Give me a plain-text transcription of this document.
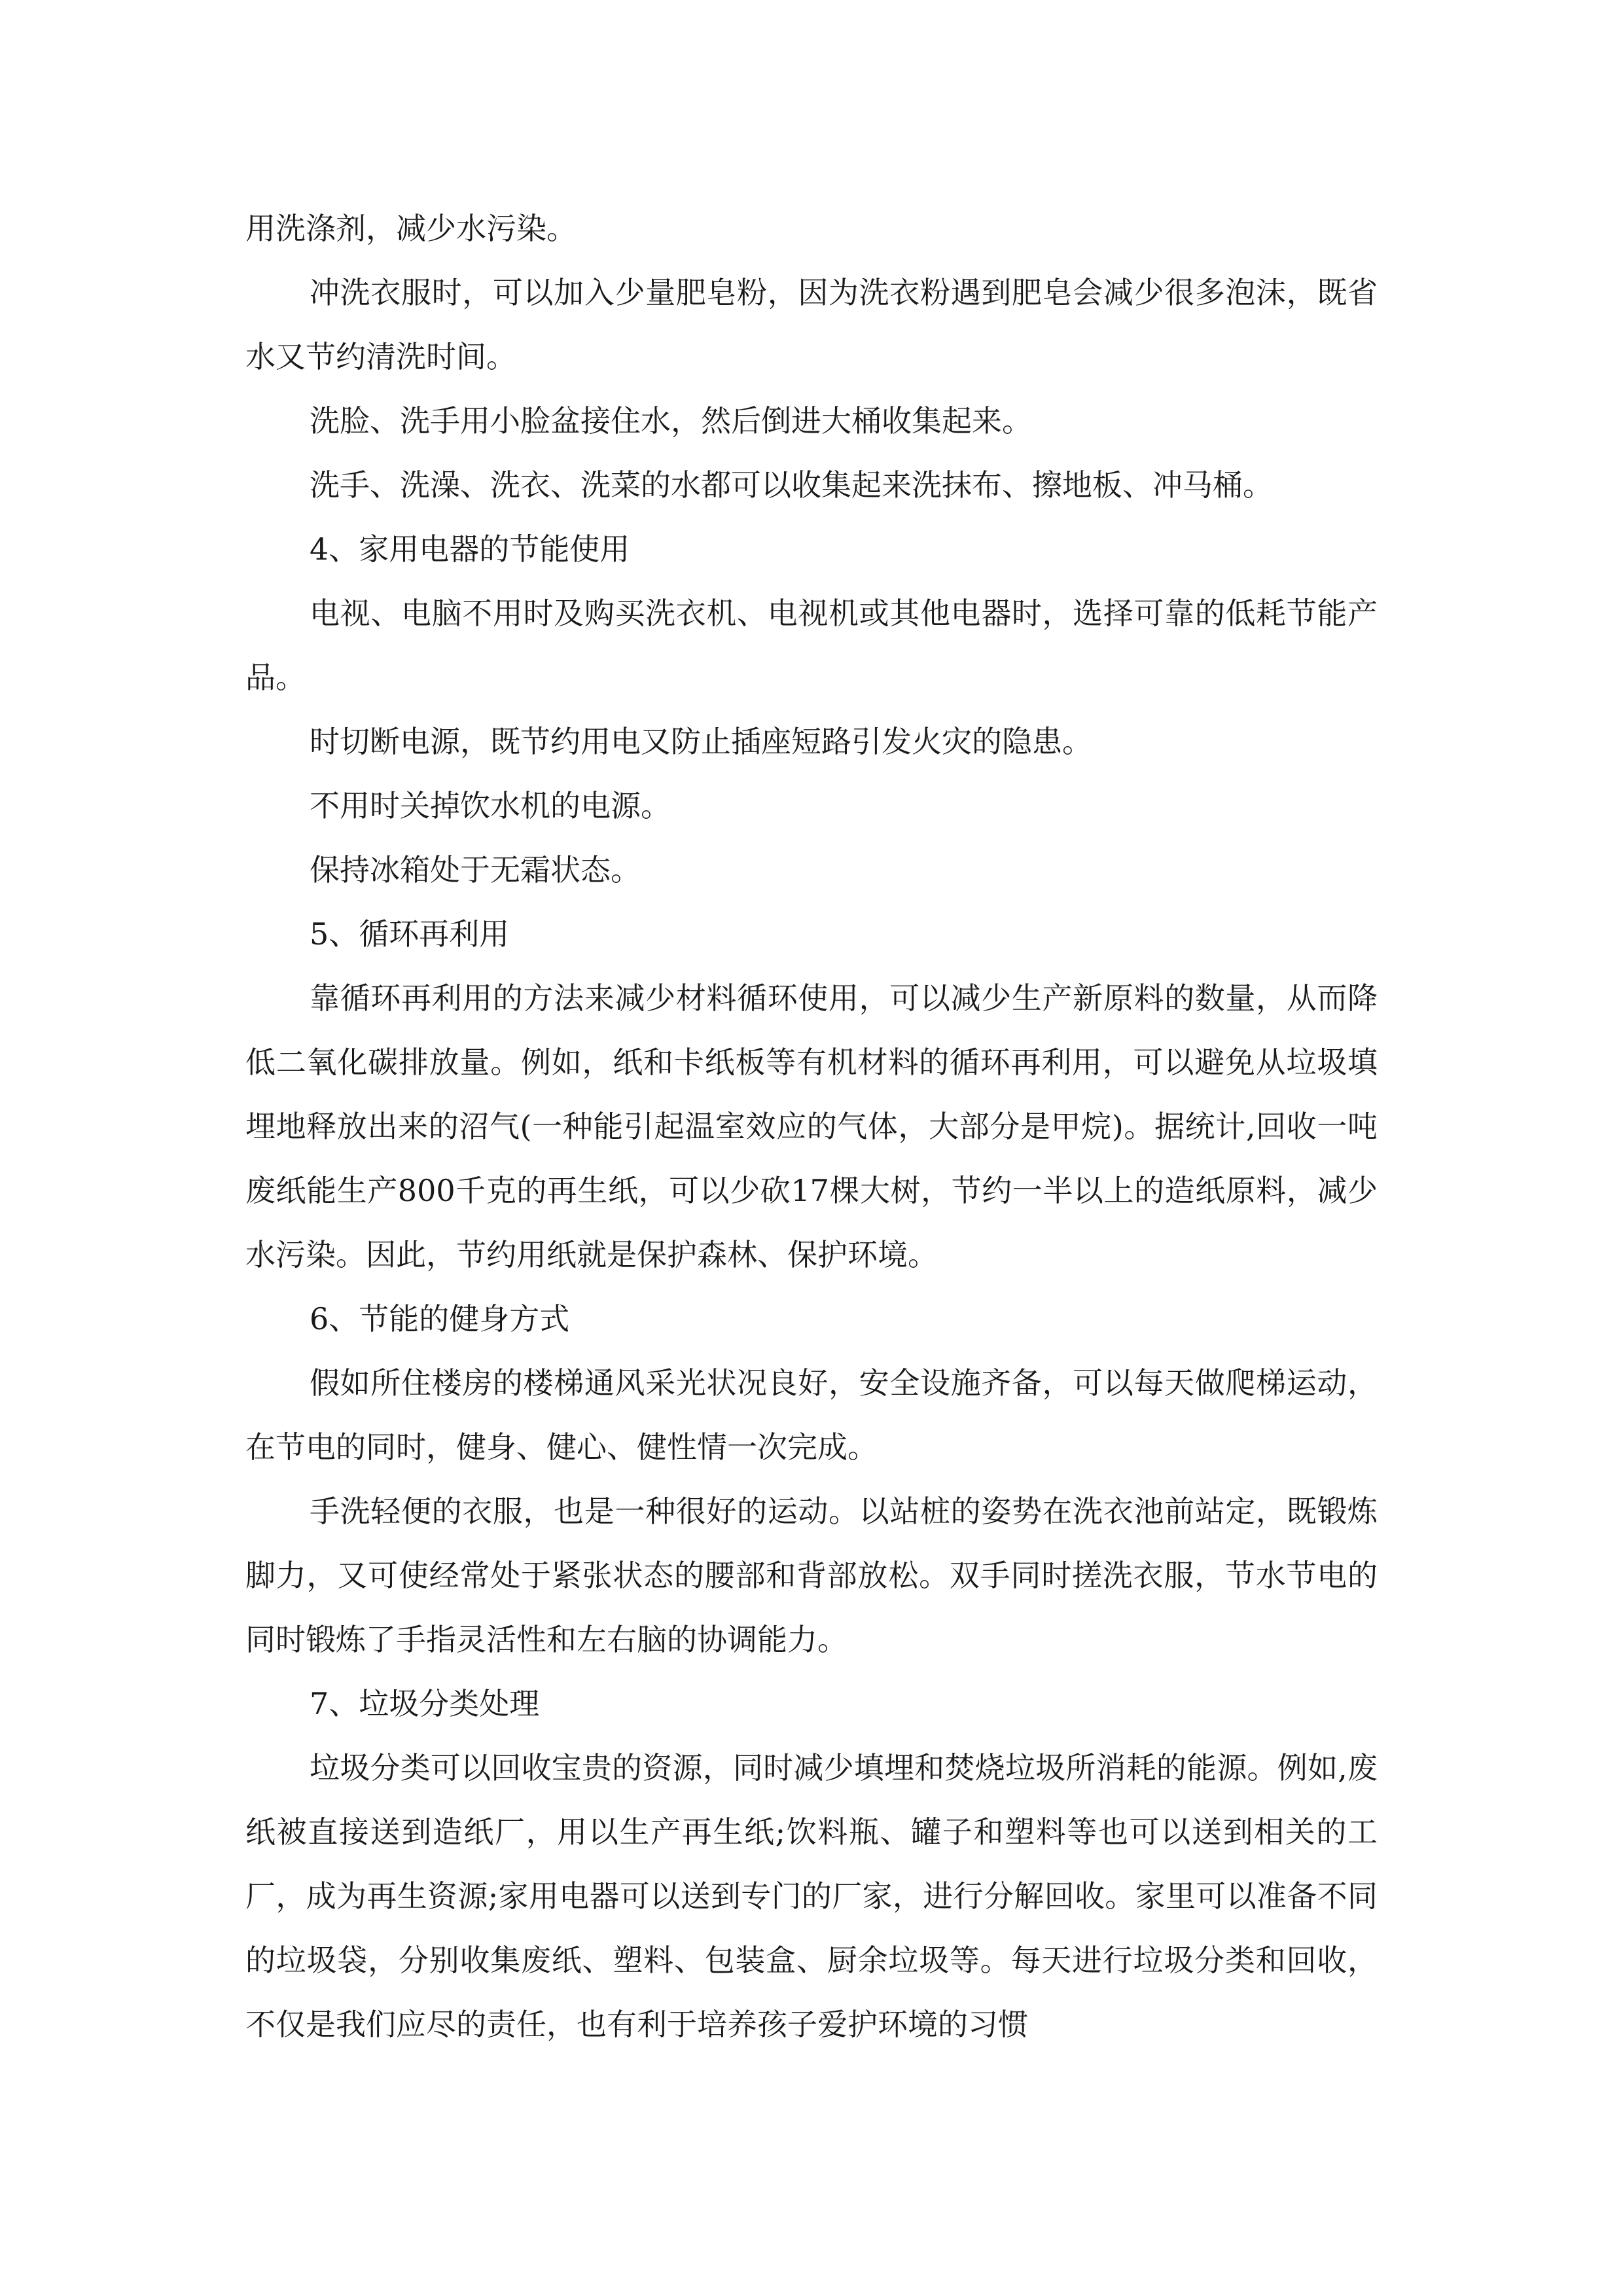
用洗涤剂，减少水污染。

冲洗衣服时，可以加入少量肥皂粉，因为洗衣粉遇到肥皂会减少很多泡沫，既省水又节约清洗时间。

洗脸、洗手用小脸盆接住水，然后倒进大桶收集起来。

洗手、洗澡、洗衣、洗菜的水都可以收集起来洗抹布、擦地板、冲马桶。

4、家用电器的节能使用

电视、电脑不用时及购买洗衣机、电视机或其他电器时，选择可靠的低耗节能产品。

时切断电源，既节约用电又防止插座短路引发火灾的隐患。

不用时关掉饮水机的电源。

保持冰箱处于无霜状态。

5、循环再利用

靠循环再利用的方法来减少材料循环使用，可以减少生产新原料的数量，从而降低二氧化碳排放量。例如，纸和卡纸板等有机材料的循环再利用，可以避免从垃圾填埋地释放出来的沼气(一种能引起温室效应的气体，大部分是甲烷)。据统计,回收一吨废纸能生产800千克的再生纸，可以少砍17棵大树，节约一半以上的造纸原料，减少水污染。因此，节约用纸就是保护森林、保护环境。

6、节能的健身方式

假如所住楼房的楼梯通风采光状况良好，安全设施齐备，可以每天做爬梯运动，在节电的同时，健身、健心、健性情一次完成。

手洗轻便的衣服，也是一种很好的运动。以站桩的姿势在洗衣池前站定，既锻炼脚力，又可使经常处于紧张状态的腰部和背部放松。双手同时搓洗衣服，节水节电的同时锻炼了手指灵活性和左右脑的协调能力。

7、垃圾分类处理

垃圾分类可以回收宝贵的资源，同时减少填埋和焚烧垃圾所消耗的能源。例如,废纸被直接送到造纸厂，用以生产再生纸;饮料瓶、罐子和塑料等也可以送到相关的工厂，成为再生资源;家用电器可以送到专门的厂家，进行分解回收。家里可以准备不同的垃圾袋，分别收集废纸、塑料、包装盒、厨余垃圾等。每天进行垃圾分类和回收，不仅是我们应尽的责任，也有利于培养孩子爱护环境的习惯
